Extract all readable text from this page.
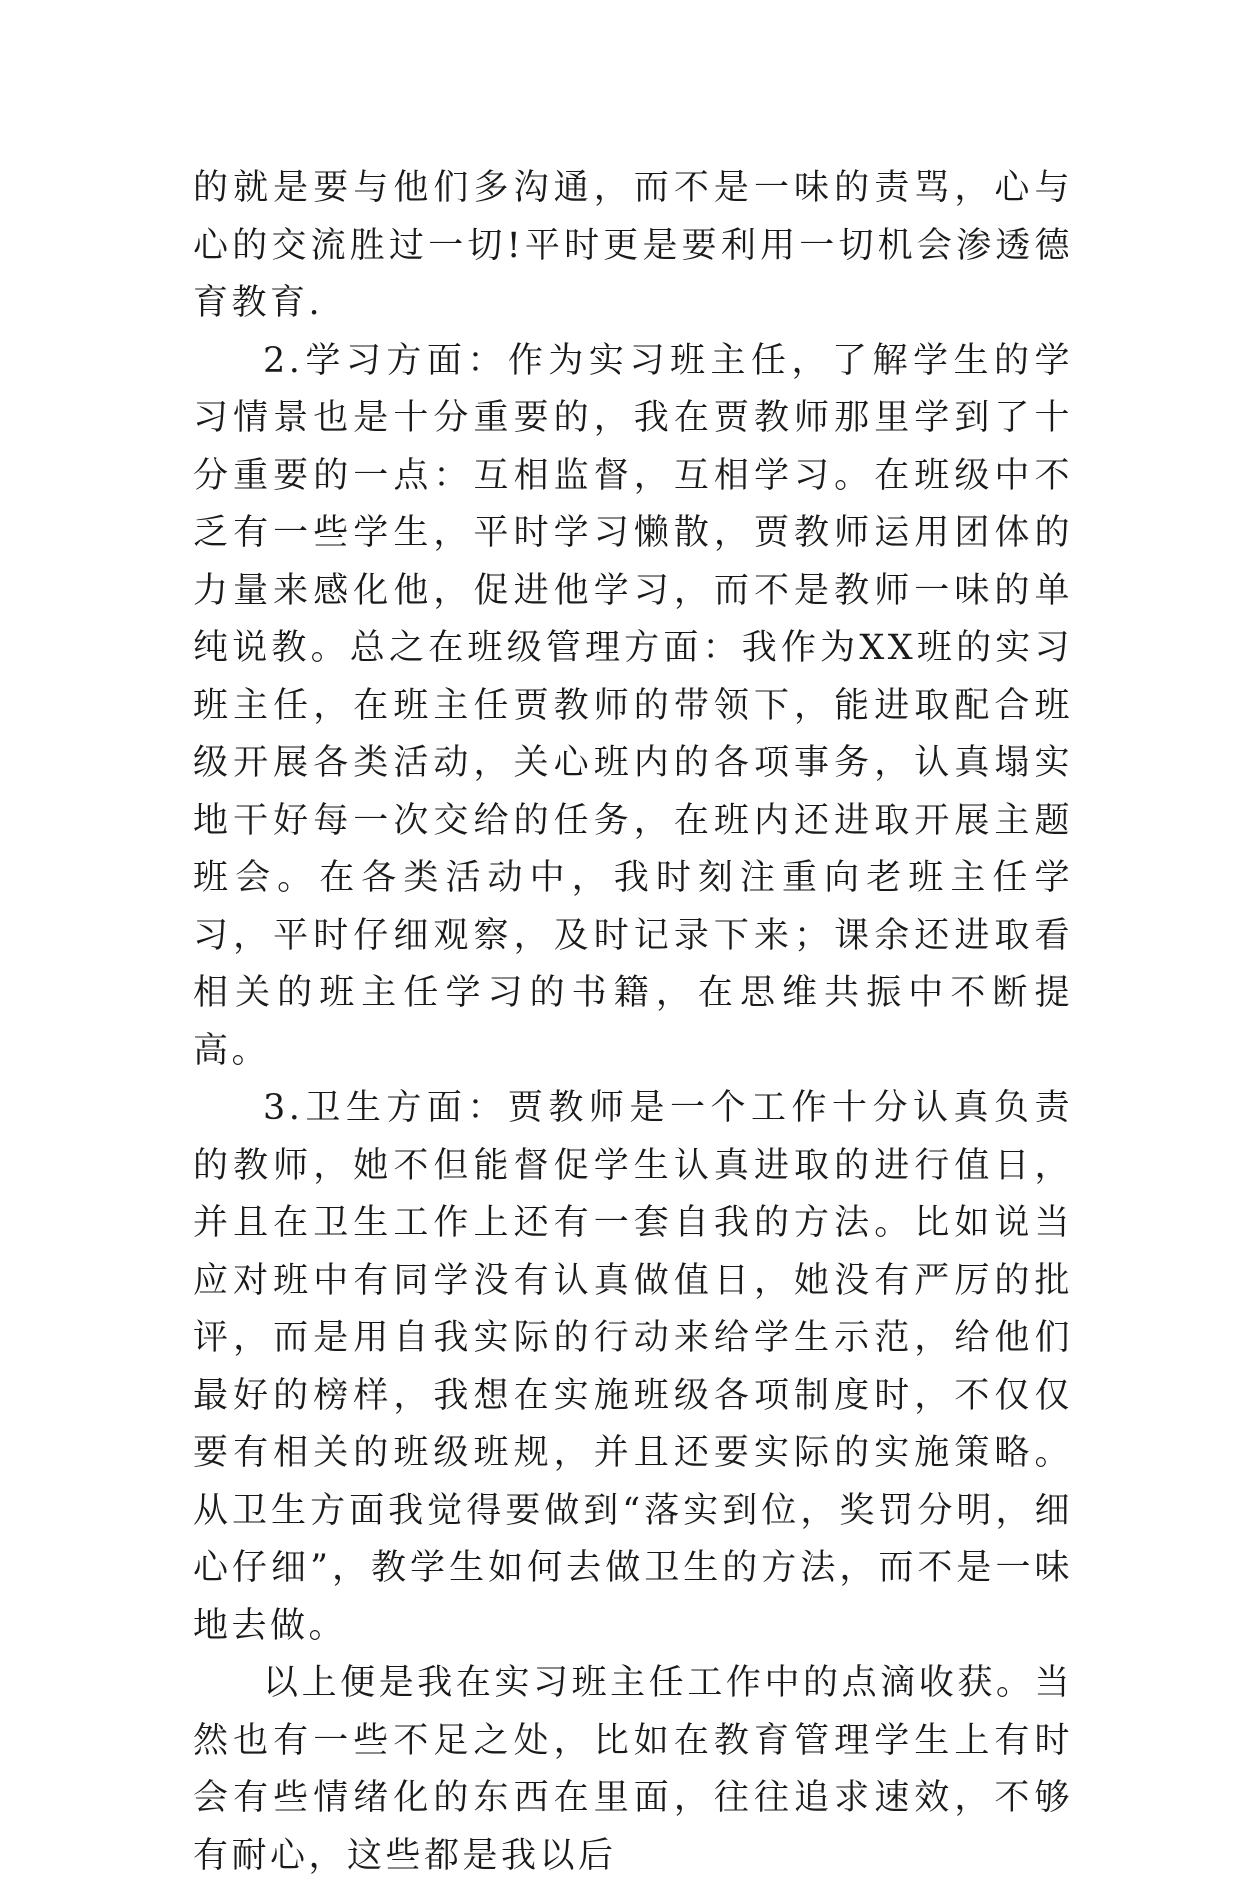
的就是要与他们多沟通，而不是一味的责骂，心与心的交流胜过一切!平时更是要利用一切机会渗透德育教育.

2.学习方面：作为实习班主任，了解学生的学习情景也是十分重要的，我在贾教师那里学到了十分重要的一点：互相监督，互相学习。在班级中不乏有一些学生，平时学习懒散，贾教师运用团体的力量来感化他，促进他学习，而不是教师一味的单纯说教。总之在班级管理方面：我作为XX班的实习班主任，在班主任贾教师的带领下，能进取配合班级开展各类活动，关心班内的各项事务，认真塌实地干好每一次交给的任务，在班内还进取开展主题班会。在各类活动中，我时刻注重向老班主任学习，平时仔细观察，及时记录下来；课余还进取看相关的班主任学习的书籍，在思维共振中不断提高。

3.卫生方面：贾教师是一个工作十分认真负责的教师，她不但能督促学生认真进取的进行值日，并且在卫生工作上还有一套自我的方法。比如说当应对班中有同学没有认真做值日，她没有严厉的批评，而是用自我实际的行动来给学生示范，给他们最好的榜样，我想在实施班级各项制度时，不仅仅要有相关的班级班规，并且还要实际的实施策略。从卫生方面我觉得要做到“落实到位，奖罚分明，细心仔细”，教学生如何去做卫生的方法，而不是一味地去做。

以上便是我在实习班主任工作中的点滴收获。当然也有一些不足之处，比如在教育管理学生上有时会有些情绪化的东西在里面，往往追求速效，不够有耐心，这些都是我以后
